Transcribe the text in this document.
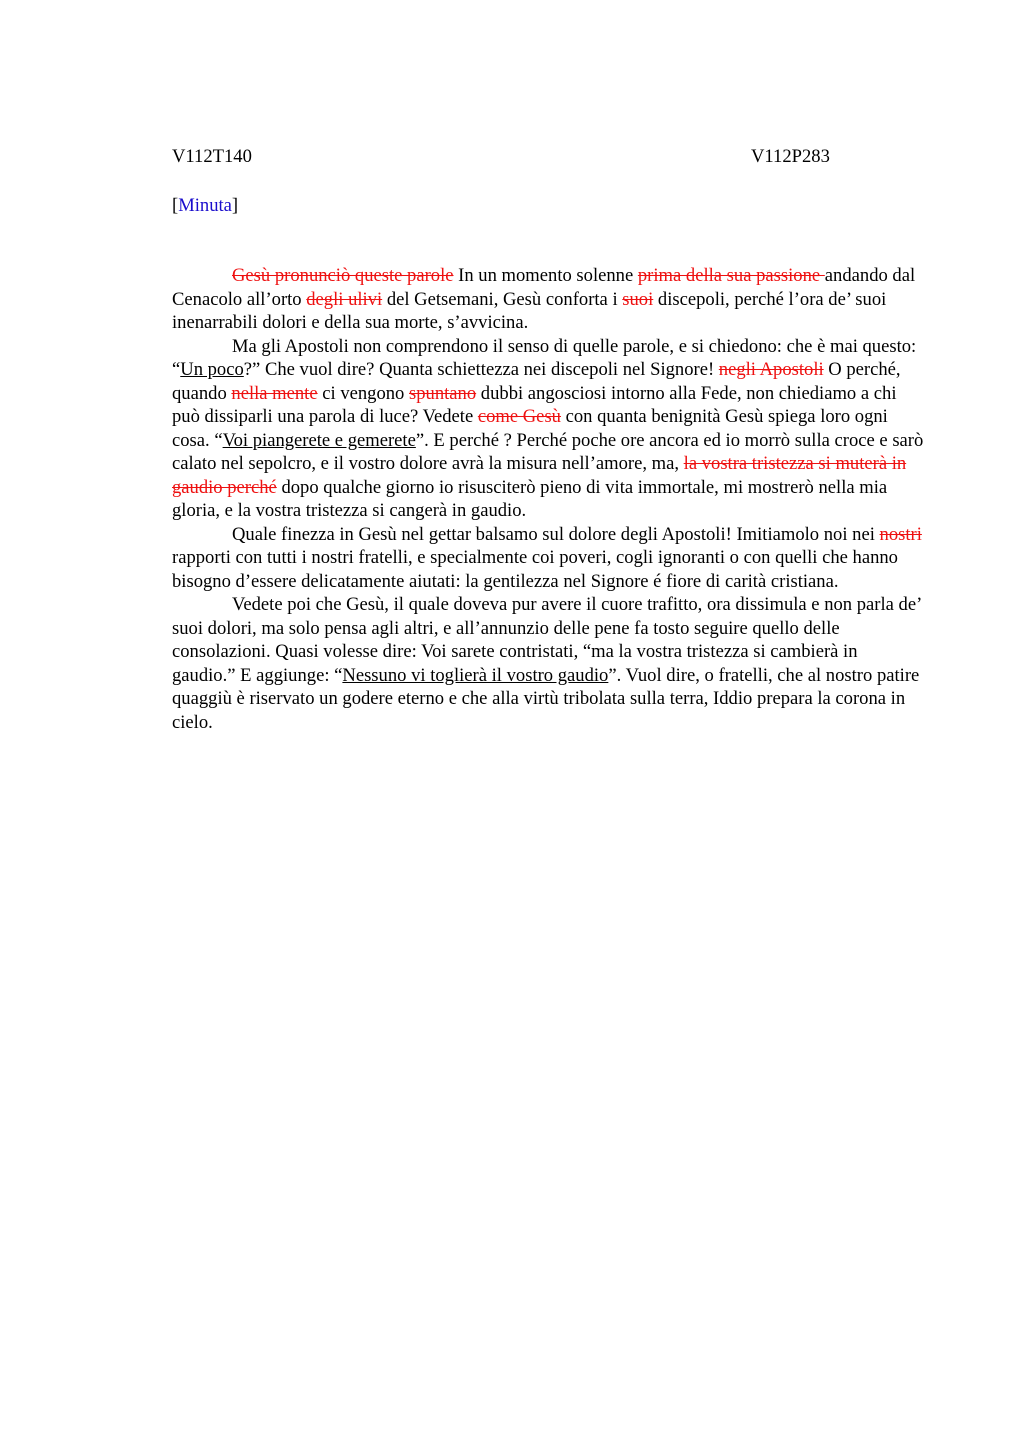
V112T140	V112P283
[Minuta]

Gesù pronunciò queste parole In un momento solenne prima della sua passione andando dal Cenacolo all’orto degli ulivi del Getsemani, Gesù conforta i suoi discepoli, perché l’ora de’ suoi inenarrabili dolori e della sua morte, s’avvicina.

Ma gli Apostoli non comprendono il senso di quelle parole, e si chiedono: che è mai questo: “Un poco?” Che vuol dire? Quanta schiettezza nei discepoli nel Signore! negli Apostoli O perché, quando nella mente ci vengono spuntano dubbi angosciosi intorno alla Fede, non chiediamo a chi può dissiparli una parola di luce? Vedete come Gesù con quanta benignità Gesù spiega loro ogni cosa. “Voi piangerete e gemerete”. E perché ? Perché poche ore ancora ed io morrò sulla croce e sarò calato nel sepolcro, e il vostro dolore avrà la misura nell’amore, ma, la vostra tristezza si muterà in gaudio perché dopo qualche giorno io risusciterò pieno di vita immortale, mi mostrerò nella mia gloria, e la vostra tristezza si cangerà in gaudio.

Quale finezza in Gesù nel gettar balsamo sul dolore degli Apostoli! Imitiamolo noi nei nostri rapporti con tutti i nostri fratelli, e specialmente coi poveri, cogli ignoranti o con quelli che hanno bisogno d’essere delicatamente aiutati: la gentilezza nel Signore é fiore di carità cristiana.

Vedete poi che Gesù, il quale doveva pur avere il cuore trafitto, ora dissimula e non parla de’ suoi dolori, ma solo pensa agli altri, e all’annunzio delle pene fa tosto seguire quello delle consolazioni. Quasi volesse dire: Voi sarete contristati, “ma la vostra tristezza si cambierà in gaudio.” E aggiunge: “Nessuno vi toglierà il vostro gaudio”. Vuol dire, o fratelli, che al nostro patire quaggiù è riservato un godere eterno e che alla virtù tribolata sulla terra, Iddio prepara la corona in cielo.
